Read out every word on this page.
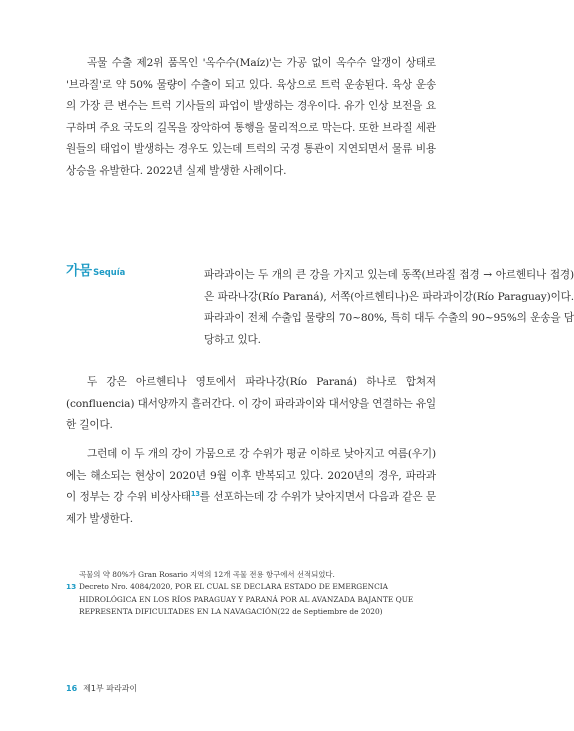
곡물 수출 제2위 품목인 '옥수수(Maíz)'는 가공 없이 옥수수 알갱이 상태로 '브라질'로 약 50% 물량이 수출이 되고 있다. 육상으로 트럭 운송된다. 육상 운송의 가장 큰 변수는 트럭 기사들의 파업이 발생하는 경우이다. 유가 인상 보전을 요구하며 주요 국도의 길목을 장악하여 통행을 물리적으로 막는다. 또한 브라질 세관원들의 태업이 발생하는 경우도 있는데 트럭의 국경 통관이 지연되면서 물류 비용 상승을 유발한다. 2022년 실제 발생한 사례이다.

가뭄Sequía	파라과이는 두 개의 큰 강을 가지고 있는데 동쪽(브라질 접경 → 아르헨티나 접경)은 파라나강(Río Paraná), 서쪽(아르헨티나)은 파라과이강(Río Paraguay)이다. 파라과이 전체 수출입 물량의 70~80%, 특히 대두 수출의 90~95%의 운송을 담당하고 있다.

두 강은 아르헨티나 영토에서 파라나강(Río Paraná) 하나로 합쳐져(confluencia) 대서양까지 흘러간다. 이 강이 파라과이와 대서양을 연결하는 유일한 길이다.

그런데 이 두 개의 강이 가뭄으로 강 수위가 평균 이하로 낮아지고 여름(우기)에는 해소되는 현상이 2020년 9월 이후 반복되고 있다. 2020년의 경우, 파라과이 정부는 강 수위 비상사태$^{13}$를 선포하는데 강 수위가 낮아지면서 다음과 같은 문제가 발생한다.

곡물의 약 80%가 Gran Rosario 지역의 12개 곡물 전용 항구에서 선적되었다.

13 Decreto Nro. 4084/2020, POR EL CUAL SE DECLARA ESTADO DE EMERGENCIA HIDROLÓGICA EN LOS RÍOS PARAGUAY Y PARANÁ POR AL AVANZADA BAJANTE QUE REPRESENTA DIFICULTADES EN LA NAVAGACIÓN(22 de Septiembre de 2020)

16 제1부 파라과이
